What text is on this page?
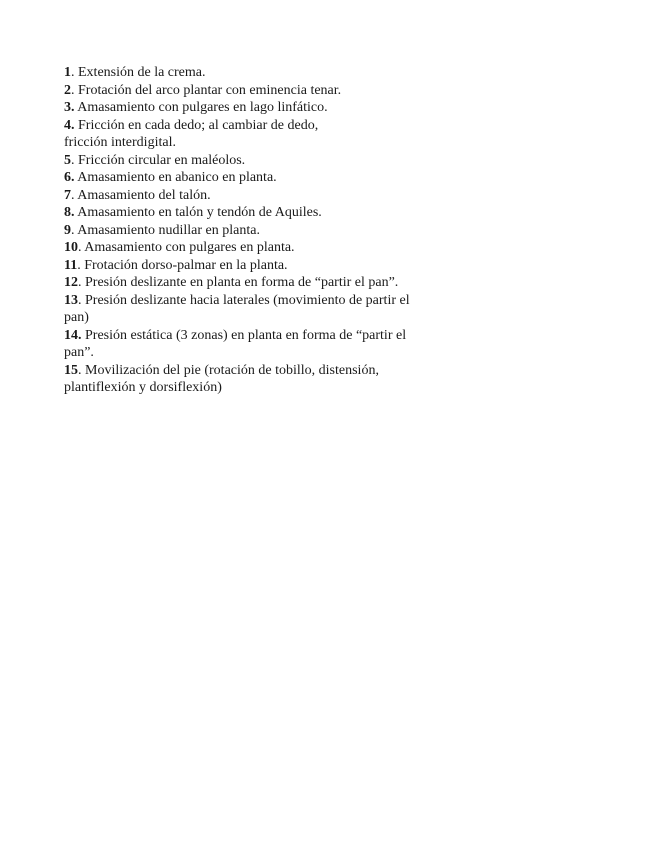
1. Extensión de la crema.
2. Frotación del arco plantar con eminencia tenar.
3. Amasamiento con pulgares en lago linfático.
4. Fricción en cada dedo; al cambiar de dedo,
fricción interdigital.
5. Fricción circular en maléolos.
6. Amasamiento en abanico en planta.
7. Amasamiento del talón.
8. Amasamiento en talón y tendón de Aquiles.
9. Amasamiento nudillar en planta.
10. Amasamiento con pulgares en planta.
11. Frotación dorso-palmar en la planta.
12. Presión deslizante en planta en forma de “partir el pan”.
13. Presión deslizante hacia laterales (movimiento de partir el
pan)
14. Presión estática (3 zonas) en planta en forma de “partir el
pan”.
15. Movilización del pie (rotación de tobillo, distensión,
plantiflexión y dorsiflexión)
